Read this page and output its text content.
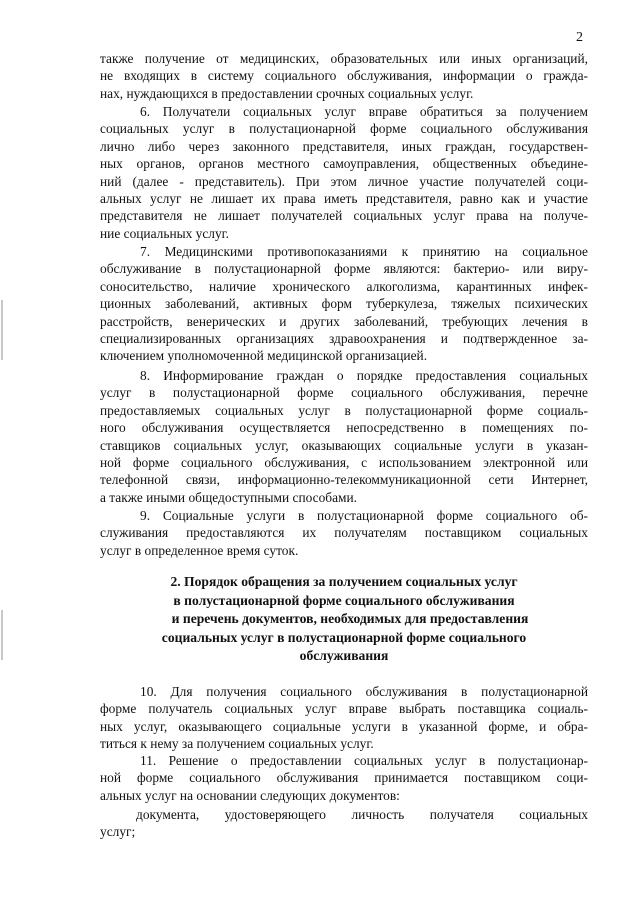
2
также получение от медицинских, образовательных или иных организаций,
не входящих в систему социального обслуживания, информации о гражда-
нах, нуждающихся в предоставлении срочных социальных услуг.
6. Получатели социальных услуг вправе обратиться за получением
социальных услуг в полустационарной форме социального обслуживания
лично либо через законного представителя, иных граждан, государствен-
ных органов, органов местного самоуправления, общественных объедине-
ний (далее - представитель). При этом личное участие получателей соци-
альных услуг не лишает их права иметь представителя, равно как и участие
представителя не лишает получателей социальных услуг права на получе-
ние социальных услуг.
7. Медицинскими противопоказаниями к принятию на социальное
обслуживание в полустационарной форме являются: бактерио- или виру-
соносительство, наличие хронического алкоголизма, карантинных инфек-
ционных заболеваний, активных форм туберкулеза, тяжелых психических
расстройств, венерических и других заболеваний, требующих лечения в
специализированных организациях здравоохранения и подтвержденное за-
ключением уполномоченной медицинской организацией.
8. Информирование граждан о порядке предоставления социальных
услуг в полустационарной форме социального обслуживания, перечне
предоставляемых социальных услуг в полустационарной форме социаль-
ного обслуживания осуществляется непосредственно в помещениях по-
ставщиков социальных услуг, оказывающих социальные услуги в указан-
ной форме социального обслуживания, с использованием электронной или
телефонной связи, информационно-телекоммуникационной сети Интернет,
а также иными общедоступными способами.
9. Социальные услуги в полустационарной форме социального об-
служивания предоставляются их получателям поставщиком социальных
услуг в определенное время суток.
10. Для получения социального обслуживания в полустационарной
форме получатель социальных услуг вправе выбрать поставщика социаль-
ных услуг, оказывающего социальные услуги в указанной форме, и обра-
титься к нему за получением социальных услуг.
11. Решение о предоставлении социальных услуг в полустационар-
ной форме социального обслуживания принимается поставщиком соци-
альных услуг на основании следующих документов:
документа, удостоверяющего личность получателя социальных
услуг;
2. Порядок обращения за получением социальных услуг
в полустационарной форме социального обслуживания
и перечень документов, необходимых для предоставления
социальных услуг в полустационарной форме социального
обслуживания
